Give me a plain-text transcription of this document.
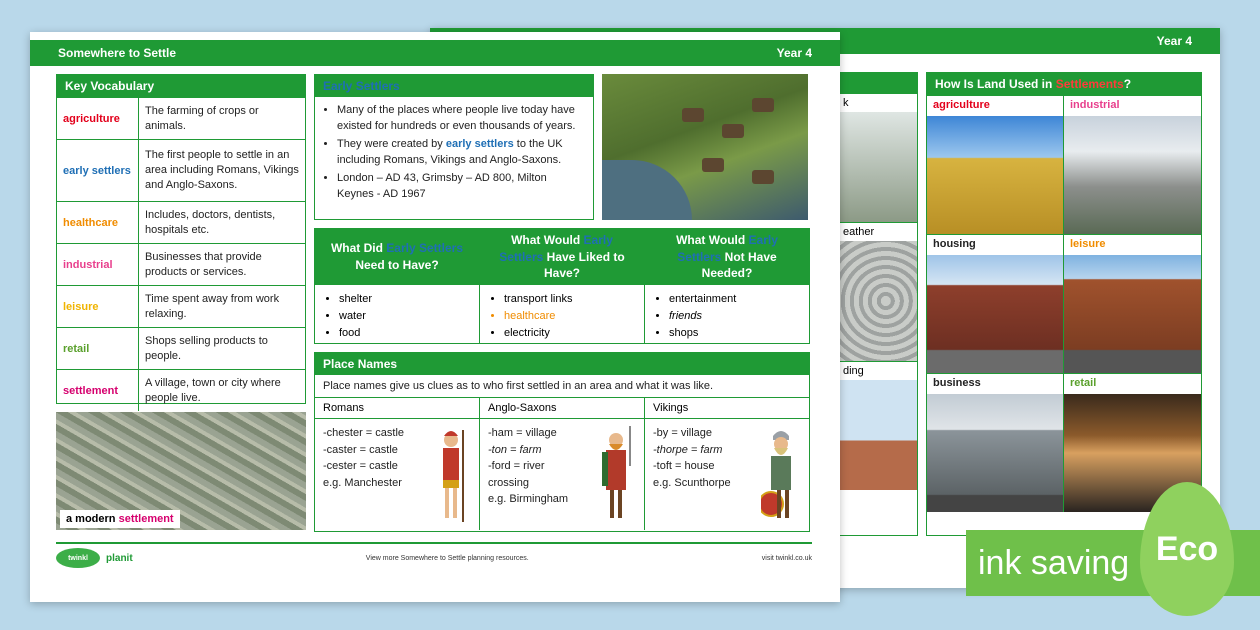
Year 4
k
eather
ding
How Is Land Used in Settlements?
agriculture	industrial
housing	leisure
business	retail
Somewhere to Settle	Year 4
Key Vocabulary
agriculture
The farming of crops or animals.
early settlers
The first people to settle in an area including Romans, Vikings and Anglo-Saxons.
healthcare
Includes, doctors, dentists, hospitals etc.
industrial
Businesses that provide products or services.
leisure
Time spent away from work relaxing.
retail
Shops selling products to people.
settlement
A village, town or city where people live.
Early Settlers
• Many of the places where people live today have existed for hundreds or even thousands of years.
• They were created by early settlers to the UK including Romans, Vikings and Anglo-Saxons.
• London – AD 43, Grimsby – AD 800, Milton Keynes - AD 1967
What Did Early Settlers Need to Have?
• shelter
• water
• food
What Would Early Settlers Have Liked to Have?
• transport links
• healthcare
• electricity
What Would Early Settlers Not Have Needed?
• entertainment
• friends
• shops
Place Names
Place names give us clues as to who first settled in an area and what it was like.
Romans
-chester = castle
-caster = castle
-cester = castle
e.g. Manchester
Anglo-Saxons
-ham = village
-ton = farm
-ford = river crossing
e.g. Birmingham
Vikings
-by = village
-thorpe = farm
-toft = house
e.g. Scunthorpe
a modern settlement
twinkl	planit	View more Somewhere to Settle planning resources.	visit twinkl.co.uk	ink saving Eco
